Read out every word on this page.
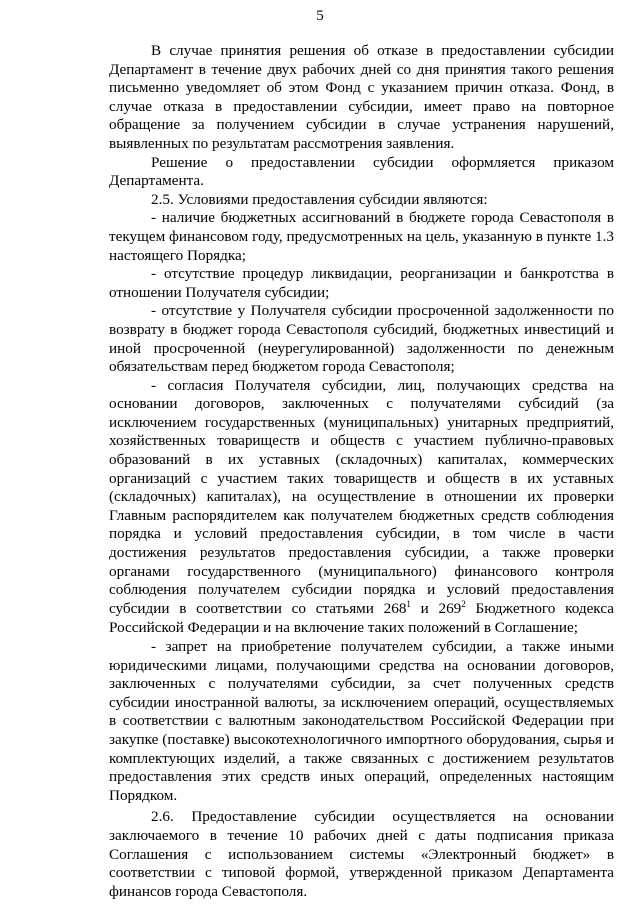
5

В случае принятия решения об отказе в предоставлении субсидии Департамент в течение двух рабочих дней со дня принятия такого решения письменно уведомляет об этом Фонд с указанием причин отказа. Фонд, в случае отказа в предоставлении субсидии, имеет право на повторное обращение за получением субсидии в случае устранения нарушений, выявленных по результатам рассмотрения заявления.

Решение о предоставлении субсидии оформляется приказом Департамента.

2.5. Условиями предоставления субсидии являются:

- наличие бюджетных ассигнований в бюджете города Севастополя в текущем финансовом году, предусмотренных на цель, указанную в пункте 1.3 настоящего Порядка;

- отсутствие процедур ликвидации, реорганизации и банкротства в отношении Получателя субсидии;

- отсутствие у Получателя субсидии просроченной задолженности по возврату в бюджет города Севастополя субсидий, бюджетных инвестиций и иной просроченной (неурегулированной) задолженности по денежным обязательствам перед бюджетом города Севастополя;

- согласия Получателя субсидии, лиц, получающих средства на основании договоров, заключенных с получателями субсидий (за исключением государственных (муниципальных) унитарных предприятий, хозяйственных товариществ и обществ с участием публично-правовых образований в их уставных (складочных) капиталах, коммерческих организаций с участием таких товариществ и обществ в их уставных (складочных) капиталах), на осуществление в отношении их проверки Главным распорядителем как получателем бюджетных средств соблюдения порядка и условий предоставления субсидии, в том числе в части достижения результатов предоставления субсидии, а также проверки органами государственного (муниципального) финансового контроля соблюдения получателем субсидии порядка и условий предоставления субсидии в соответствии со статьями $268^1$ и $269^2$ Бюджетного кодекса Российской Федерации и на включение таких положений в Соглашение;

- запрет на приобретение получателем субсидии, а также иными юридическими лицами, получающими средства на основании договоров, заключенных с получателями субсидии, за счет полученных средств субсидии иностранной валюты, за исключением операций, осуществляемых в соответствии с валютным законодательством Российской Федерации при закупке (поставке) высокотехнологичного импортного оборудования, сырья и комплектующих изделий, а также связанных с достижением результатов предоставления этих средств иных операций, определенных настоящим Порядком.

2.6. Предоставление субсидии осуществляется на основании заключаемого в течение 10 рабочих дней с даты подписания приказа Соглашения с использованием системы «Электронный бюджет» в соответствии с типовой формой, утвержденной приказом Департамента финансов города Севастополя.
